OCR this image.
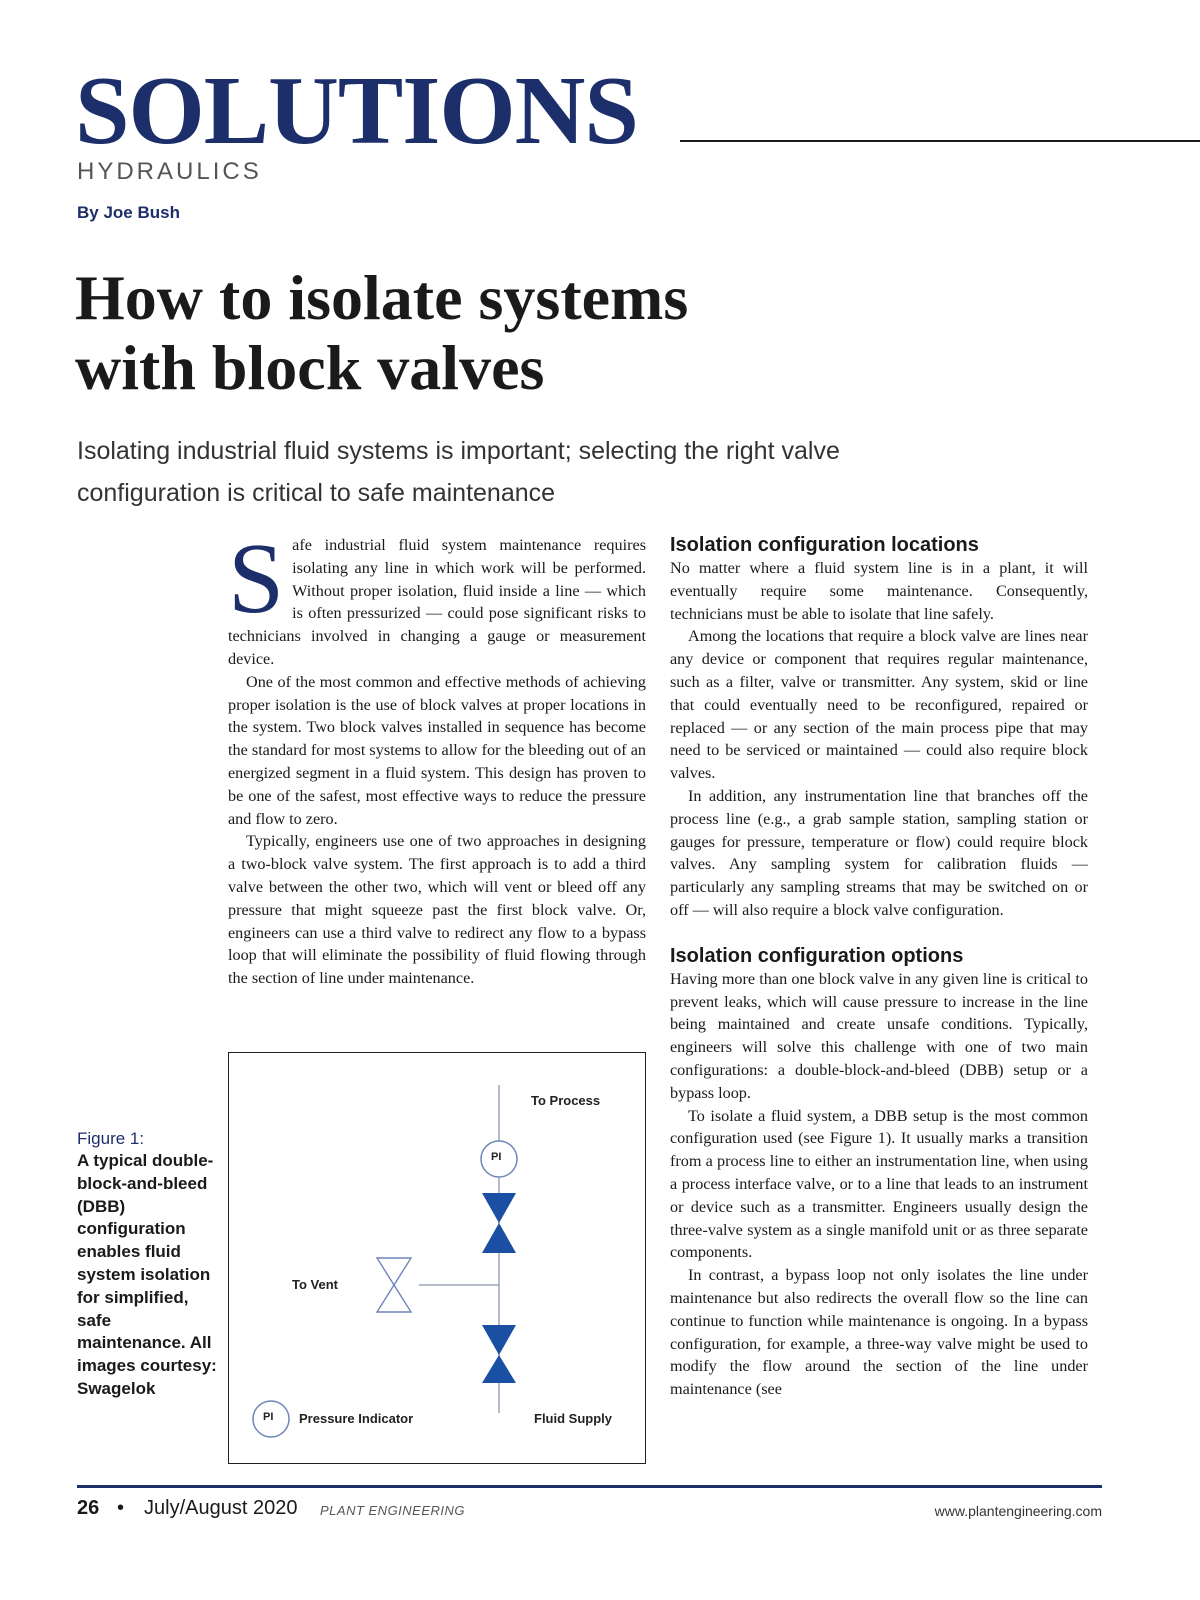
SOLUTIONS
HYDRAULICS
By Joe Bush
How to isolate systems
with block valves

Isolating industrial fluid systems is important; selecting the right valve configuration is critical to safe maintenance

Safe industrial fluid system maintenance requires isolating any line in which work will be performed. Without proper isolation, fluid inside a line — which is often pressurized — could pose significant risks to technicians involved in changing a gauge or measurement device.

One of the most common and effective methods of achieving proper isolation is the use of block valves at proper locations in the system. Two block valves installed in sequence has become the standard for most systems to allow for the bleeding out of an energized segment in a fluid system. This design has proven to be one of the safest, most effective ways to reduce the pressure and flow to zero.

Typically, engineers use one of two approaches in designing a two-block valve system. The first approach is to add a third valve between the other two, which will vent or bleed off any pressure that might squeeze past the first block valve. Or, engineers can use a third valve to redirect any flow to a bypass loop that will eliminate the possibility of fluid flowing through the section of line under maintenance.

Isolation configuration locations

No matter where a fluid system line is in a plant, it will eventually require some maintenance. Consequently, technicians must be able to isolate that line safely.

Among the locations that require a block valve are lines near any device or component that requires regular maintenance, such as a filter, valve or transmitter. Any system, skid or line that could eventually need to be reconfigured, repaired or replaced — or any section of the main process pipe that may need to be serviced or maintained — could also require block valves.

In addition, any instrumentation line that branches off the process line (e.g., a grab sample station, sampling station or gauges for pressure, temperature or flow) could require block valves. Any sampling system for calibration fluids — particularly any sampling streams that may be switched on or off — will also require a block valve configuration.

Isolation configuration options

Having more than one block valve in any given line is critical to prevent leaks, which will cause pressure to increase in the line being maintained and create unsafe conditions. Typically, engineers will solve this challenge with one of two main configurations: a double-block-and-bleed (DBB) setup or a bypass loop.

To isolate a fluid system, a DBB setup is the most common configuration used (see Figure 1). It usually marks a transition from a process line to either an instrumentation line, when using a process interface valve, or to a line that leads to an instrument or device such as a transmitter. Engineers usually design the three-valve system as a single manifold unit or as three separate components.

In contrast, a bypass loop not only isolates the line under maintenance but also redirects the overall flow so the line can continue to function while maintenance is ongoing. In a bypass configuration, for example, a three-way valve might be used to modify the flow around the section of the line under maintenance (see

Figure 1:

A typical double-block-and-bleed (DBB) configuration enables fluid system isolation for simplified, safe maintenance. All images courtesy: Swagelok

To Process
PI
To Vent
PI Pressure Indicator	Fluid Supply
26 • July/August 2020 PLANT ENGINEERING	www.plantengineering.com
